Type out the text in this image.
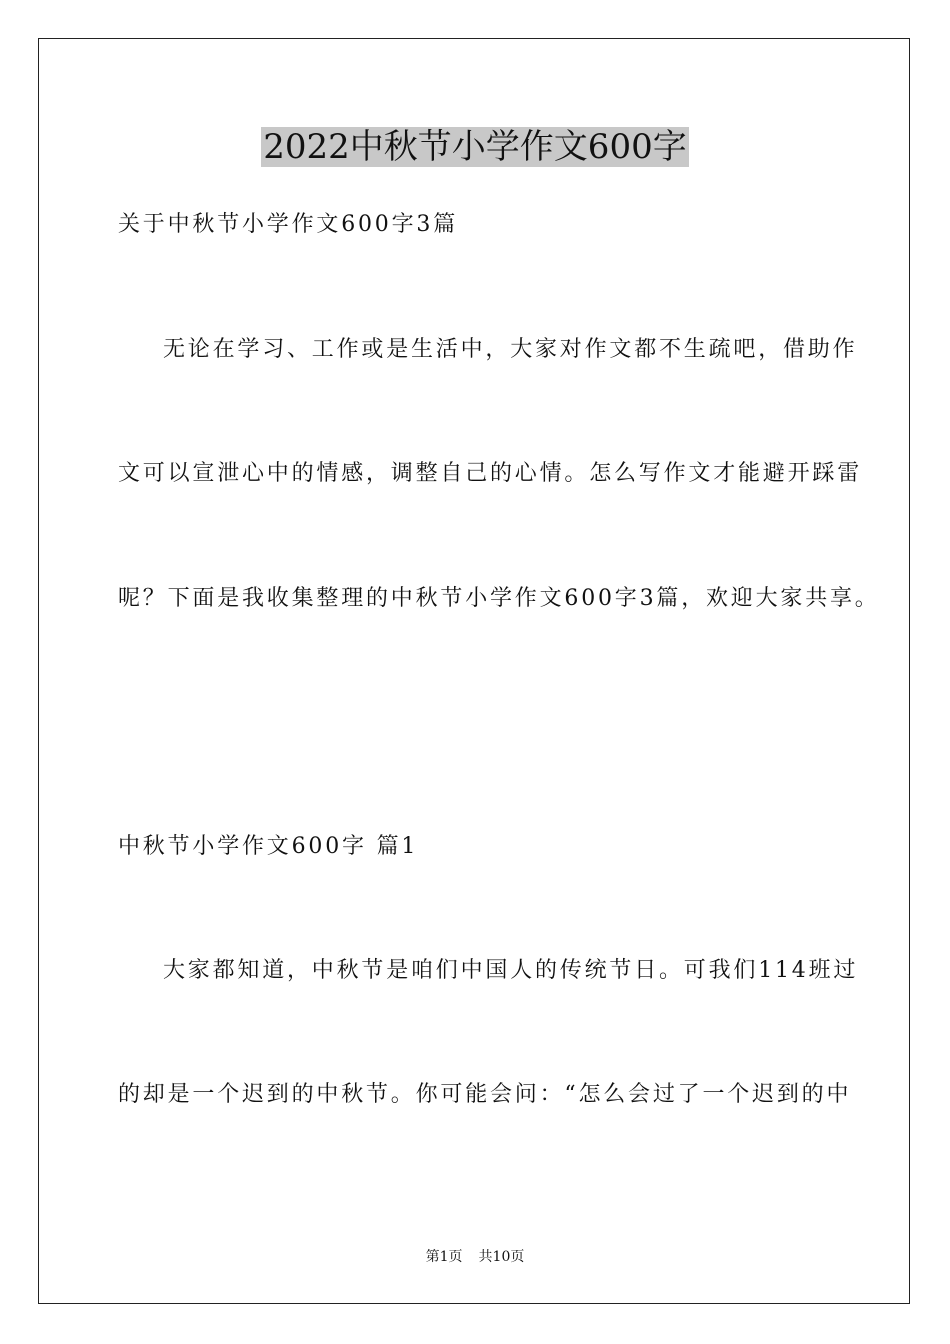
2022中秋节小学作文600字
关于中秋节小学作文600字3篇
无论在学习、工作或是生活中，大家对作文都不生疏吧，借助作
文可以宣泄心中的情感，调整自己的心情。怎么写作文才能避开踩雷
呢？下面是我收集整理的中秋节小学作文600字3篇，欢迎大家共享。
中秋节小学作文600字 篇1
大家都知道，中秋节是咱们中国人的传统节日。可我们114班过
的却是一个迟到的中秋节。你可能会问：“怎么会过了一个迟到的中
第1页 共10页
